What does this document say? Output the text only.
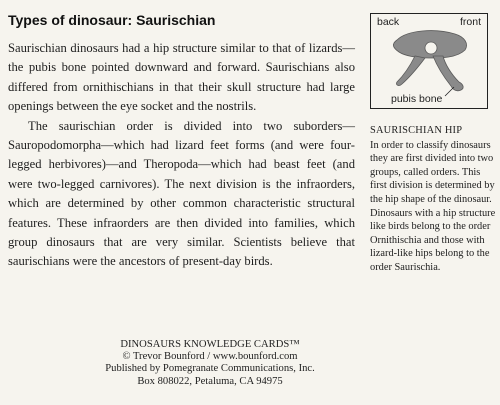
Types of dinosaur: Saurischian

Saurischian dinosaurs had a hip structure similar to that of lizards—the pubis bone pointed downward and forward. Saurischians also differed from ornithischians in that their skull structure had large openings between the eye socket and the nostrils.

The saurischian order is divided into two suborders—Sauropodomorpha—which had lizard feet forms (and were four-legged herbivores)—and Theropoda—which had beast feet (and were two-legged carnivores). The next division is the infraorders, which are determined by other common characteristic structural features. These infraorders are then divided into families, which group dinosaurs that are very similar. Scientists believe that saurischians were the ancestors of present-day birds.

back	front
pubis bone
SAURISCHIAN HIP
In order to classify dinosaurs they are first divided into two groups, called orders. This first division is determined by the hip shape of the dinosaur. Dinosaurs with a hip structure like birds belong to the order Ornithischia and those with lizard-like hips belong to the order Saurischia.
DINOSAURS KNOWLEDGE CARDS™
© Trevor Bounford / www.bounford.com
Published by Pomegranate Communications, Inc.
Box 808022, Petaluma, CA 94975
